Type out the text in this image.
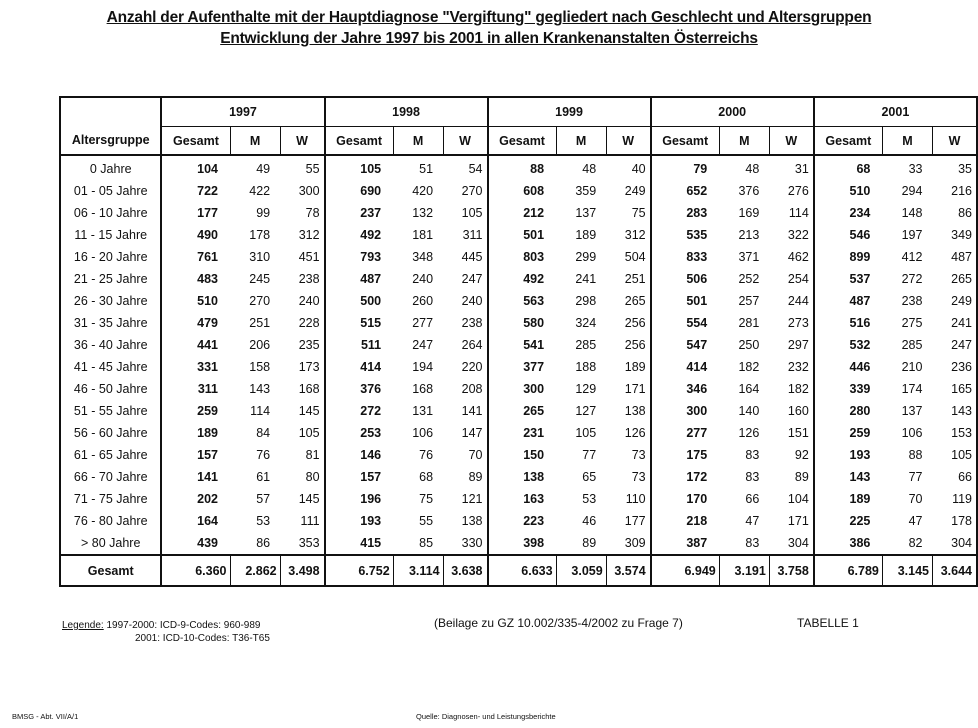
Anzahl der Aufenthalte mit der Hauptdiagnose "Vergiftung" gegliedert nach Geschlecht und Altersgruppen
Entwicklung der Jahre 1997 bis 2001 in allen Krankenanstalten Österreichs
	1997			1998			1999			2000			2001		
Altersgruppe	Gesamt	M	W	Gesamt	M	W	Gesamt	M	W	Gesamt	M	W	Gesamt	M	W
0 Jahre	104	49	55	105	51	54	88	48	40	79	48	31	68	33	35
01 - 05 Jahre	722	422	300	690	420	270	608	359	249	652	376	276	510	294	216
06 - 10 Jahre	177	99	78	237	132	105	212	137	75	283	169	114	234	148	86
11 - 15 Jahre	490	178	312	492	181	311	501	189	312	535	213	322	546	197	349
16 - 20 Jahre	761	310	451	793	348	445	803	299	504	833	371	462	899	412	487
21 - 25 Jahre	483	245	238	487	240	247	492	241	251	506	252	254	537	272	265
26 - 30 Jahre	510	270	240	500	260	240	563	298	265	501	257	244	487	238	249
31 - 35 Jahre	479	251	228	515	277	238	580	324	256	554	281	273	516	275	241
36 - 40 Jahre	441	206	235	511	247	264	541	285	256	547	250	297	532	285	247
41 - 45 Jahre	331	158	173	414	194	220	377	188	189	414	182	232	446	210	236
46 - 50 Jahre	311	143	168	376	168	208	300	129	171	346	164	182	339	174	165
51 - 55 Jahre	259	114	145	272	131	141	265	127	138	300	140	160	280	137	143
56 - 60 Jahre	189	84	105	253	106	147	231	105	126	277	126	151	259	106	153
61 - 65 Jahre	157	76	81	146	76	70	150	77	73	175	83	92	193	88	105
66 - 70 Jahre	141	61	80	157	68	89	138	65	73	172	83	89	143	77	66
71 - 75 Jahre	202	57	145	196	75	121	163	53	110	170	66	104	189	70	119
76 - 80 Jahre	164	53	111	193	55	138	223	46	177	218	47	171	225	47	178
> 80 Jahre	439	86	353	415	85	330	398	89	309	387	83	304	386	82	304
Gesamt	6.360	2.862	3.498	6.752	3.114	3.638	6.633	3.059	3.574	6.949	3.191	3.758	6.789	3.145	3.644
Legende: 1997-2000: ICD-9-Codes: 960-989
2001: ICD-10-Codes: T36-T65
(Beilage zu GZ 10.002/335-4/2002 zu Frage 7)	TABELLE 1
BMSG - Abt. VII/A/1	Quelle: Diagnosen- und Leistungsberichte
